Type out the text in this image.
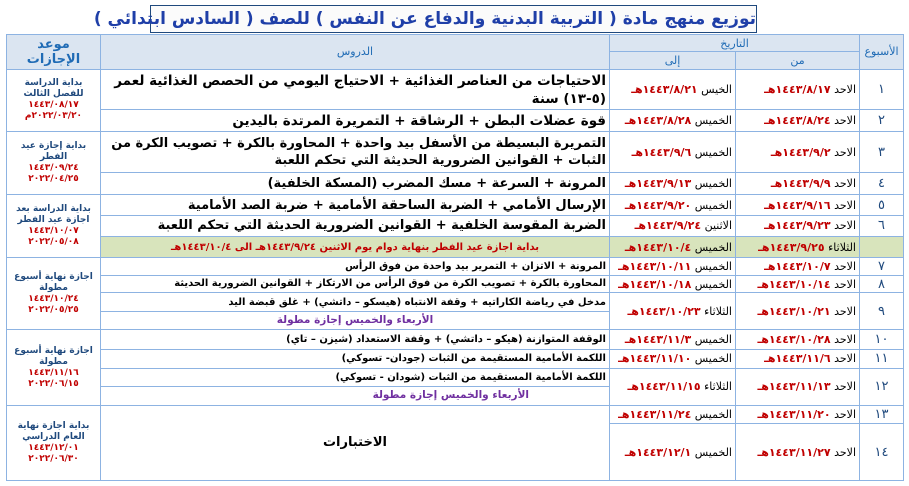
توزيع منهج مادة ( التربية البدنية والدفاع عن النفس ) للصف ( السادس ابتدائي )
الأسبوع	التاريخ		الدروس	موعد الإجازات
	من	إلى		
١	الاحد ١٤٤٣/٨/١٧هـ	الخيس ١٤٤٣/٨/٢١هـ	الاحتياجات من العناصر الغذائية + الاحتياج اليومي من الحصص الغذائية لعمر (٥-١٣) سنة	بداية الدراسة للفصل الثالث
١٤٤٣/٠٨/١٧
٢٠٢٢/٠٣/٢٠م

٢	الاحد ١٤٤٣/٨/٢٤هـ	الخميس ١٤٤٣/٨/٢٨هـ	قوة عضلات البطن + الرشاقة + التمريرة المرتدة باليدين	
٣	الاحد ١٤٤٣/٩/٢هـ	الخميس ١٤٤٣/٩/٦هـ	التمريرة البسيطة من الأسفل بيد واحدة + المحاورة بالكرة + تصويب الكرة من الثبات + القوانين الضرورية الحديثة التي تحكم اللعبة	بداية إجازة عيد الفطر
١٤٤٣/٠٩/٢٤
٢٠٢٢/٠٤/٢٥

٤	الاحد ١٤٤٣/٩/٩هـ	الخميس ١٤٤٣/٩/١٣هـ	المرونة + السرعة + مسك المضرب (المسكة الخلفية)	
٥	الاحد ١٤٤٣/٩/١٦هـ	الخميس ١٤٤٣/٩/٢٠هـ	الإرسال الأمامي + الضربة الساحقة الأمامية + ضربة الصد الأمامية	بداية الدراسة بعد اجازة عيد الفطر
١٤٤٣/١٠/٠٧
٢٠٢٢/٠٥/٠٨

٦	الاحد ١٤٤٣/٩/٢٣هـ	الاثنين ١٤٤٣/٩/٢٤هـ	الضربة المقوسة الخلفية + القوانين الضرورية الحديثة التي تحكم اللعبة	
	الثلاثاء ١٤٤٣/٩/٢٥هـ	الخميس ١٤٤٣/١٠/٤هـ	بداية اجازة عيد الفطر بنهاية دوام يوم الاثنين ١٤٤٣/٩/٢٤هـ الى ١٤٤٣/١٠/٤هـ	
٧	الاحد ١٤٤٣/١٠/٧هـ	الخميس ١٤٤٣/١٠/١١هـ	المرونة + الاتزان + التمرير بيد واحدة من فوق الرأس	اجازة نهاية أسبوع مطولة
١٤٤٣/١٠/٢٤
٢٠٢٢/٠٥/٢٥

٨	الاحد ١٤٤٣/١٠/١٤هـ	الخميس ١٤٤٣/١٠/١٨هـ	المحاورة بالكرة + تصويب الكرة من فوق الرأس من الارتكاز + القوانين الضرورية الحديثة	
٩	الاحد ١٤٤٣/١٠/٢١هـ	الثلاثاء ١٤٤٣/١٠/٢٣هـ	مدخل في رياضة الكاراتيه + وقفة الانتباه (هيسكو – داتشي) + غلق قبضة اليد
الأربعاء والخميس إجازة مطولة	

١٠	الاحد ١٤٤٣/١٠/٢٨هـ	الخميس ١٤٤٣/١١/٣هـ	الوقفة المتوازنة (هيكو – داتشي) + وقفة الاستعداد (شيزن – تاي)	اجازة نهاية أسبوع مطولة
١٤٤٣/١١/١٦
٢٠٢٢/٠٦/١٥

١١	الاحد ١٤٤٣/١١/٦هـ	الخميس ١٤٤٣/١١/١٠هـ	اللكمة الأمامية المستقيمة من الثبات (جودان- تسوكي)	
١٢	الاحد ١٤٤٣/١١/١٣هـ	الثلاثاء ١٤٤٣/١١/١٥هـ	اللكمة الأمامية المستقيمة من الثبات (شودان - تسوكي)
الأربعاء والخميس إجازة مطولة	

١٣	الاحد ١٤٤٣/١١/٢٠هـ	الخميس ١٤٤٣/١١/٢٤هـ	الاختبارات	بداية اجازة نهاية العام الدراسي
١٤٤٣/١٢/٠١
٢٠٢٢/٠٦/٣٠

١٤	الاحد ١٤٤٣/١١/٢٧هـ	الخميس ١٤٤٣/١٢/١هـ		
